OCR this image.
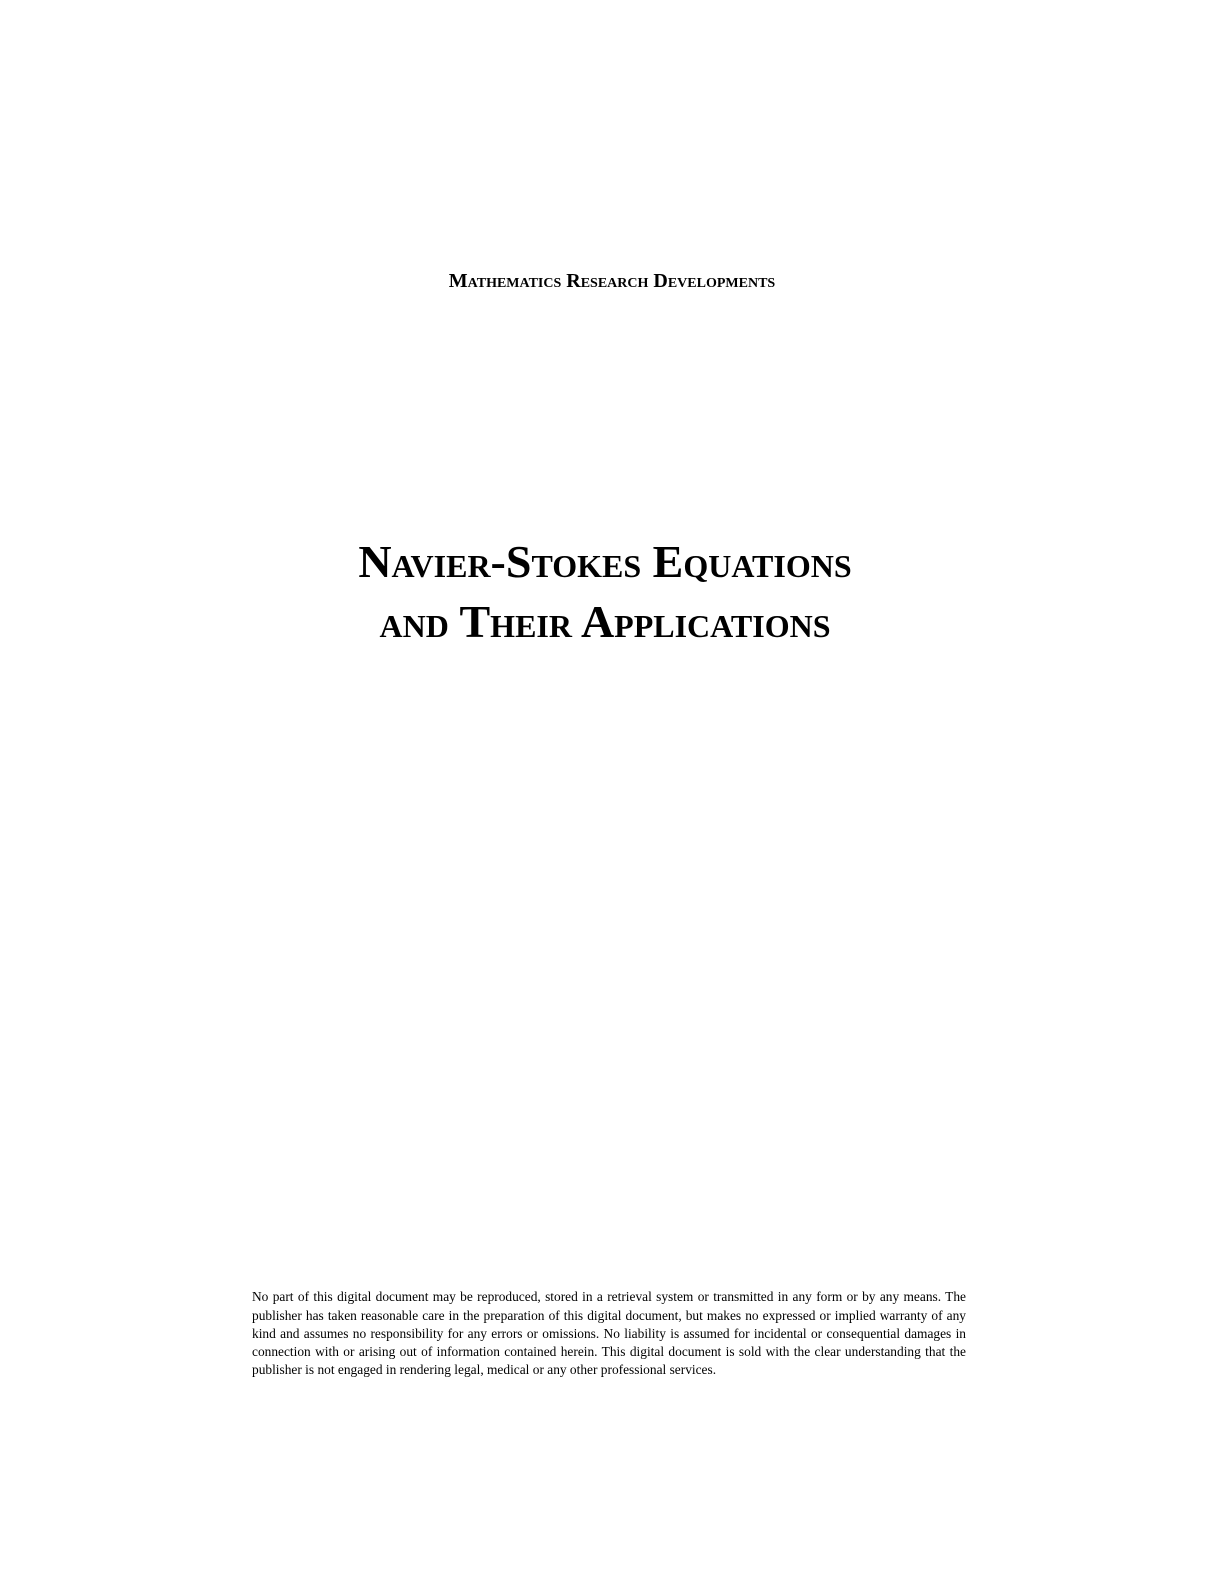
Mathematics Research Developments
Navier-Stokes Equations
and Their Applications

No part of this digital document may be reproduced, stored in a retrieval system or transmitted in any form or by any means. The publisher has taken reasonable care in the preparation of this digital document, but makes no expressed or implied warranty of any kind and assumes no responsibility for any errors or omissions. No liability is assumed for incidental or consequential damages in connection with or arising out of information contained herein. This digital document is sold with the clear understanding that the publisher is not engaged in rendering legal, medical or any other professional services.
